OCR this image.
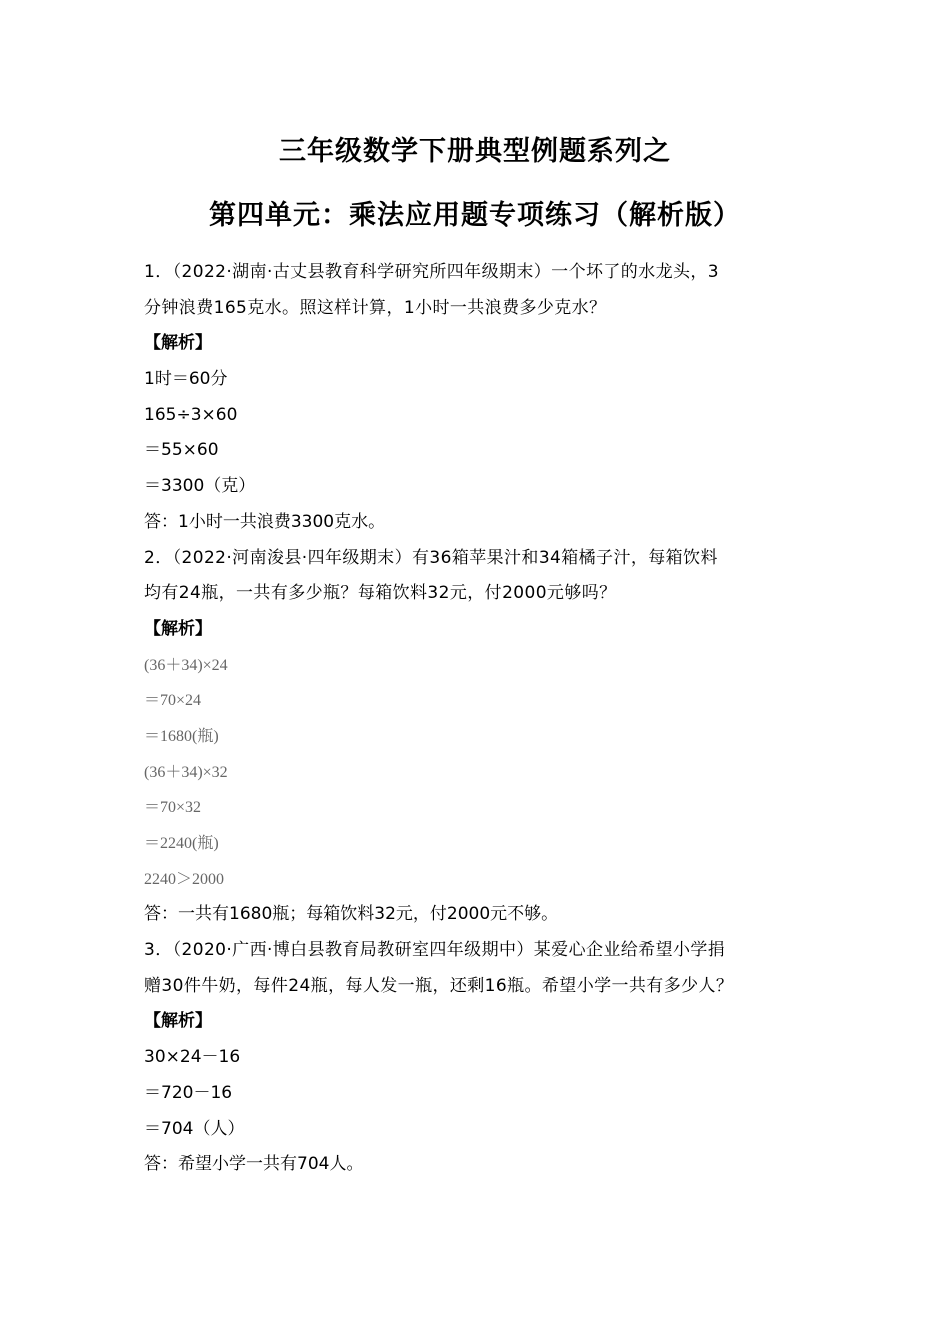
三年级数学下册典型例题系列之
第四单元：乘法应用题专项练习（解析版）
1．（2022·湖南·古丈县教育科学研究所四年级期末）一个坏了的水龙头，3
分钟浪费165克水。照这样计算，1小时一共浪费多少克水？
【解析】
1时＝60分
165÷3×60
＝55×60
＝3300（克）
答：1小时一共浪费3300克水。
2．（2022·河南浚县·四年级期末）有36箱苹果汁和34箱橘子汁，每箱饮料
均有24瓶，一共有多少瓶？每箱饮料32元，付2000元够吗？
【解析】
(36＋34)×24
＝70×24
＝1680(瓶)
(36＋34)×32
＝70×32
＝2240(瓶)
2240＞2000
答：一共有1680瓶；每箱饮料32元，付2000元不够。
3．（2020·广西·博白县教育局教研室四年级期中）某爱心企业给希望小学捐
赠30件牛奶，每件24瓶，每人发一瓶，还剩16瓶。希望小学一共有多少人？
【解析】
30×24－16
＝720－16
＝704（人）
答：希望小学一共有704人。
